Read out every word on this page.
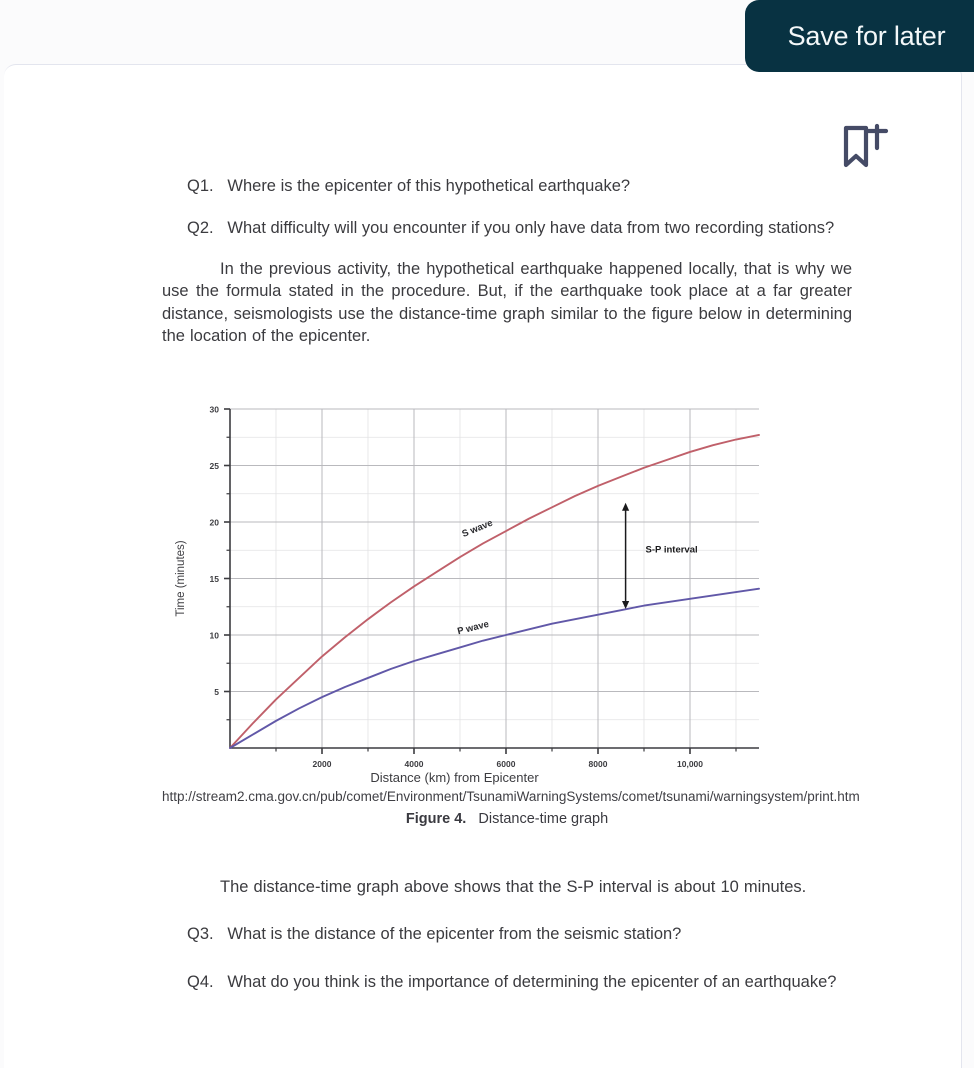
Save for later

Q1. Where is the epicenter of this hypothetical earthquake?

Q2. What difficulty will you encounter if you only have data from two recording stations?

In the previous activity, the hypothetical earthquake happened locally, that is why we use the formula stated in the procedure. But, if the earthquake took place at a far greater distance, seismologists use the distance-time graph similar to the figure below in determining the location of the epicenter.

5
10
15
20
25
30
2000	4000	6000	8000	10,000
S wave
P wave
S-P interval
Distance (km) from Epicenter
Time (minutes)
http://stream2.cma.gov.cn/pub/comet/Environment/TsunamiWarningSystems/comet/tsunami/warningsystem/print.htm
Figure 4. Distance-time graph

The distance-time graph above shows that the S-P interval is about 10 minutes.

Q3. What is the distance of the epicenter from the seismic station?

Q4. What do you think is the importance of determining the epicenter of an earthquake?
